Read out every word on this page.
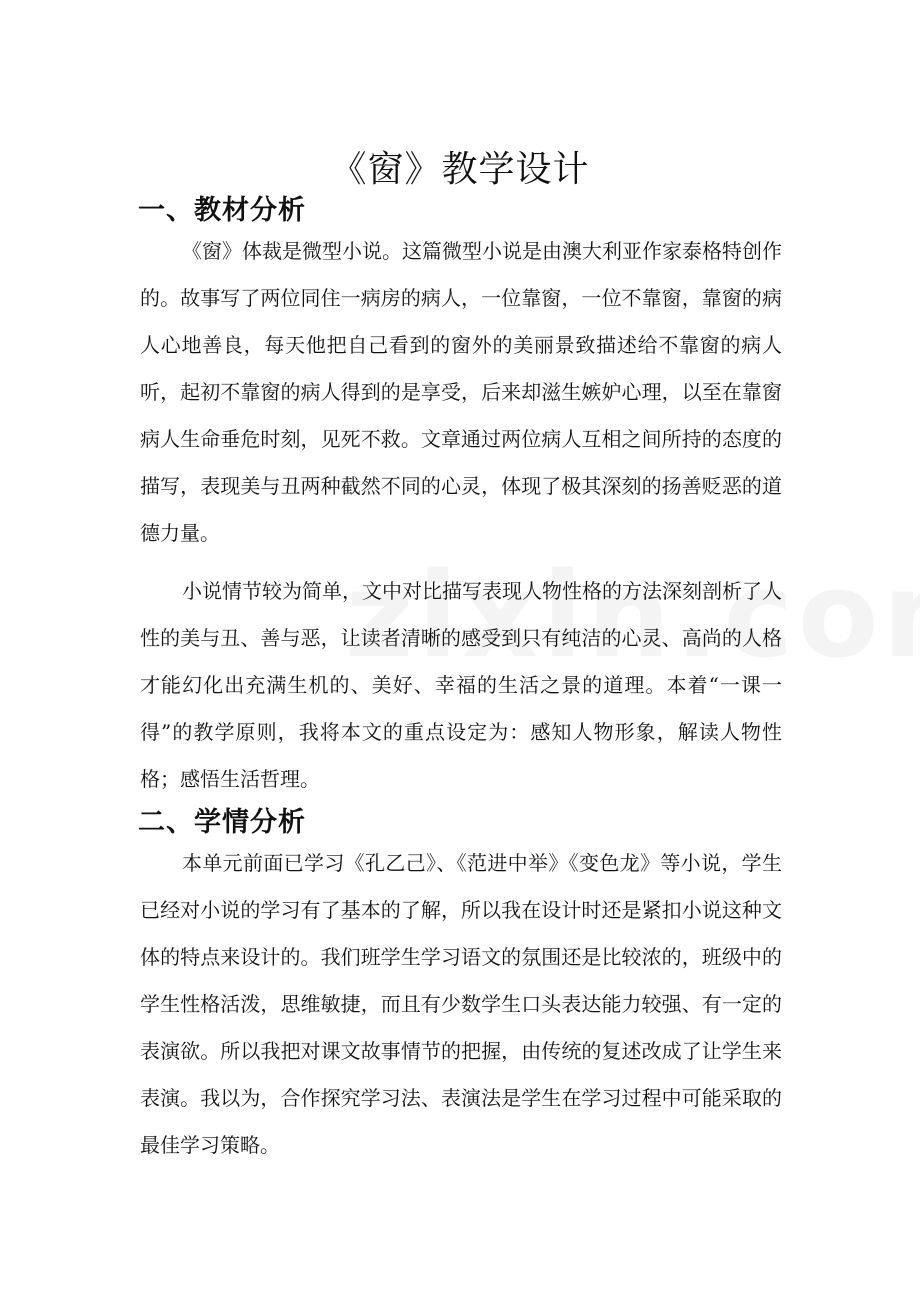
《窗》教学设计
一、教材分析

《窗》体裁是微型小说。这篇微型小说是由澳大利亚作家泰格特创作的。故事写了两位同住一病房的病人，一位靠窗，一位不靠窗，靠窗的病人心地善良，每天他把自己看到的窗外的美丽景致描述给不靠窗的病人听，起初不靠窗的病人得到的是享受，后来却滋生嫉妒心理，以至在靠窗病人生命垂危时刻，见死不救。文章通过两位病人互相之间所持的态度的描写，表现美与丑两种截然不同的心灵，体现了极其深刻的扬善贬恶的道德力量。

小说情节较为简单，文中对比描写表现人物性格的方法深刻剖析了人性的美与丑、善与恶，让读者清晰的感受到只有纯洁的心灵、高尚的人格才能幻化出充满生机的、美好、幸福的生活之景的道理。本着“一课一得”的教学原则，我将本文的重点设定为：感知人物形象，解读人物性格；感悟生活哲理。

二、学情分析

本单元前面已学习《孔乙己》、《范进中举》《变色龙》等小说，学生已经对小说的学习有了基本的了解，所以我在设计时还是紧扣小说这种文体的特点来设计的。我们班学生学习语文的氛围还是比较浓的，班级中的学生性格活泼，思维敏捷，而且有少数学生口头表达能力较强、有一定的表演欲。所以我把对课文故事情节的把握，由传统的复述改成了让学生来表演。我以为，合作探究学习法、表演法是学生在学习过程中可能采取的最佳学习策略。
